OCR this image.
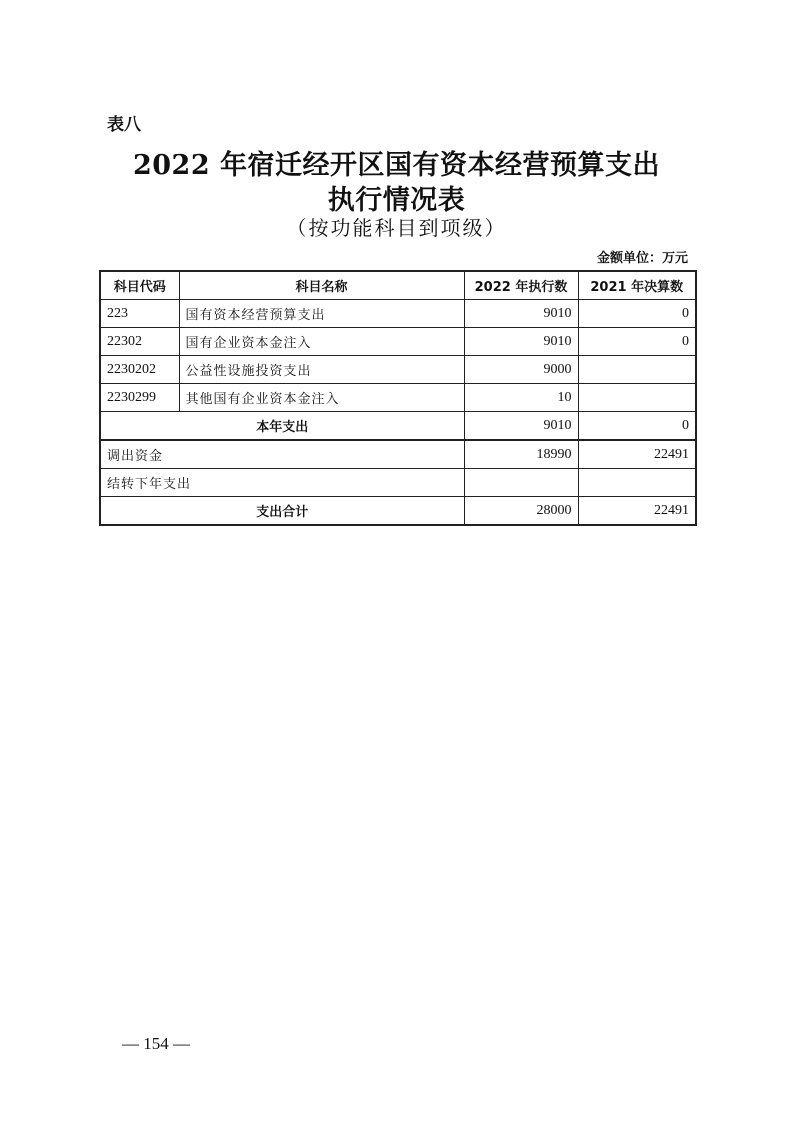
表八
2022 年宿迁经开区国有资本经营预算支出
执行情况表
（按功能科目到项级）
金额单位：万元
科目代码	科目名称	2022 年执行数	2021 年决算数
223	国有资本经营预算支出	9010	0
22302	国有企业资本金注入	9010	0
2230202	公益性设施投资支出	9000	
2230299	其他国有企业资本金注入	10	
本年支出		9010	0
调出资金		18990	22491
结转下年支出			
支出合计		28000	22491
— 154 —
